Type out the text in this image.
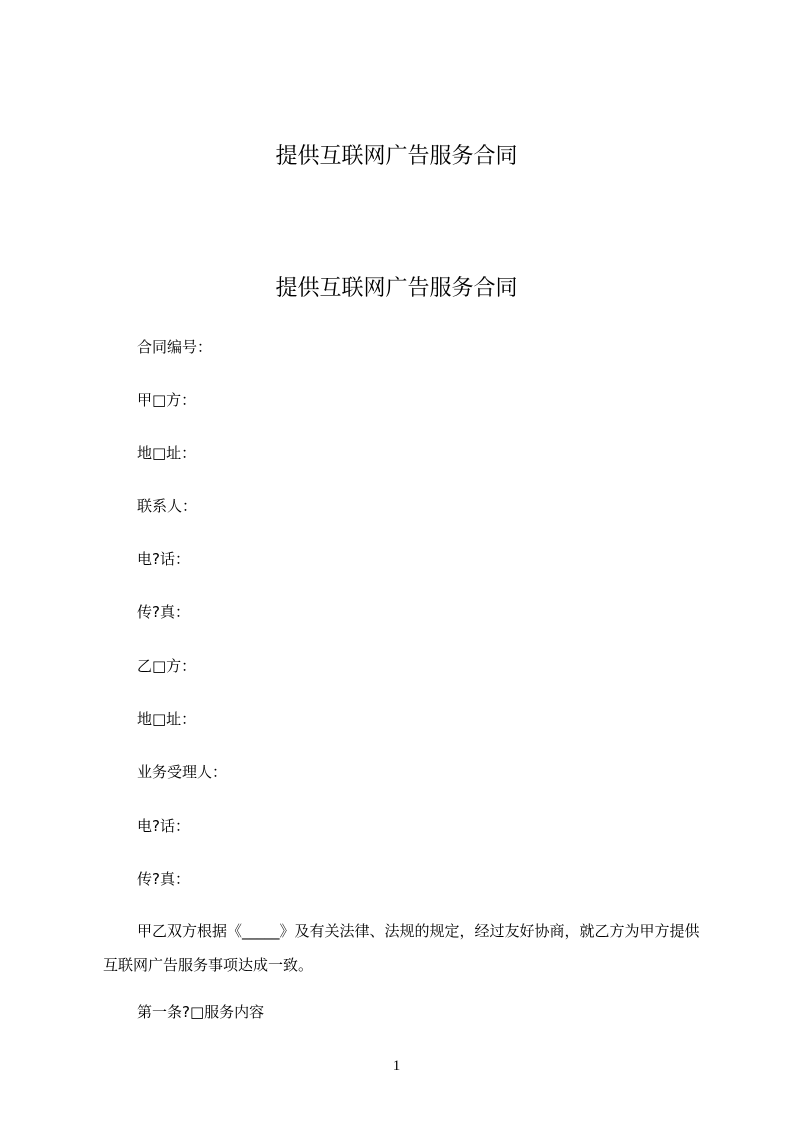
提供互联网广告服务合同
提供互联网广告服务合同
合同编号：
甲□方：
地□址：
联系人：
电?话：
传?真：
乙□方：
地□址：
业务受理人：
电?话：
传?真：

甲乙双方根据《_____》及有关法律、法规的规定，经过友好协商，就乙方为甲方提供互联网广告服务事项达成一致。

第一条?□服务内容
1
